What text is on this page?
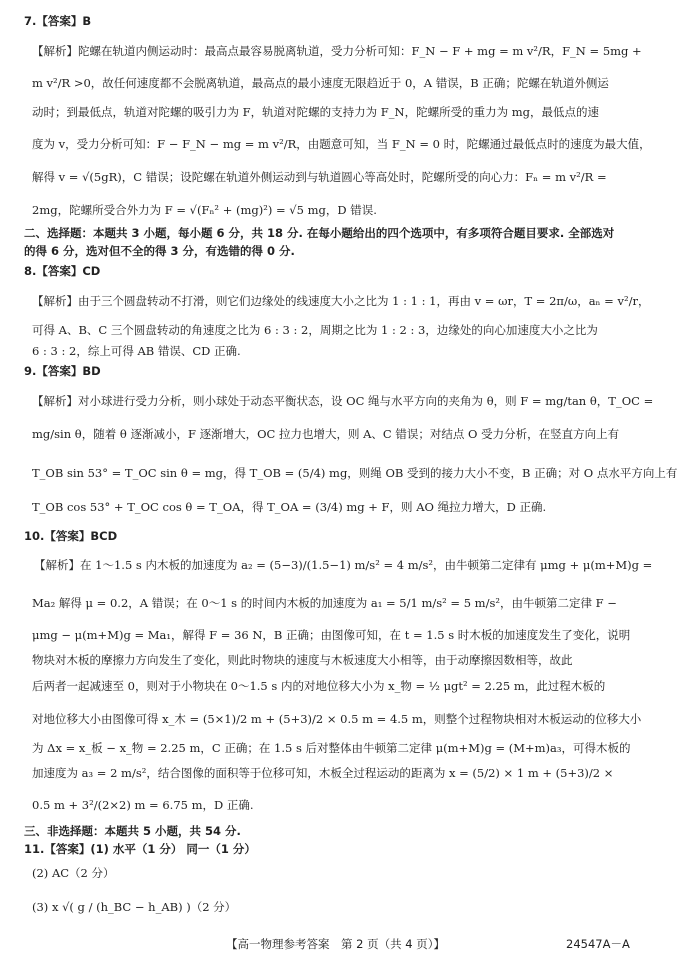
7.【答案】B
【解析】陀螺在轨道内侧运动时：最高点最容易脱离轨道，受力分析可知：F_N − F + mg = m v²/R，F_N = 5mg +
m v²/R >0，故任何速度都不会脱离轨道，最高点的最小速度无限趋近于 0，A 错误，B 正确；陀螺在轨道外侧运
动时；到最低点，轨道对陀螺的吸引力为 F，轨道对陀螺的支持力为 F_N，陀螺所受的重力为 mg，最低点的速
度为 v，受力分析可知：F − F_N − mg = m v²/R，由题意可知，当 F_N = 0 时，陀螺通过最低点时的速度为最大值，
解得 v = √(5gR)，C 错误；设陀螺在轨道外侧运动到与轨道圆心等高处时，陀螺所受的向心力：Fₙ = m v²/R =
2mg，陀螺所受合外力为 F = √(Fₙ² + (mg)²) = √5 mg，D 错误.
二、选择题：本题共 3 小题，每小题 6 分，共 18 分. 在每小题给出的四个选项中，有多项符合题目要求. 全部选对
的得 6 分，选对但不全的得 3 分，有选错的得 0 分.
8.【答案】CD
【解析】由于三个圆盘转动不打滑，则它们边缘处的线速度大小之比为 1 : 1 : 1，再由 v = ωr，T = 2π/ω，aₙ = v²/r，
可得 A、B、C 三个圆盘转动的角速度之比为 6 : 3 : 2，周期之比为 1 : 2 : 3，边缘处的向心加速度大小之比为
6 : 3 : 2，综上可得 AB 错误、CD 正确.
9.【答案】BD
【解析】对小球进行受力分析，则小球处于动态平衡状态，设 OC 绳与水平方向的夹角为 θ，则 F = mg/tan θ，T_OC =
mg/sin θ，随着 θ 逐渐减小，F 逐渐增大，OC 拉力也增大，则 A、C 错误；对结点 O 受力分析，在竖直方向上有
T_OB sin 53° = T_OC sin θ = mg，得 T_OB = (5/4) mg，则绳 OB 受到的接力大小不变，B 正确；对 O 点水平方向上有
T_OB cos 53° + T_OC cos θ = T_OA，得 T_OA = (3/4) mg + F，则 AO 绳拉力增大，D 正确.
10.【答案】BCD
【解析】在 1～1.5 s 内木板的加速度为 a₂ = (5−3)/(1.5−1) m/s² = 4 m/s²，由牛顿第二定律有 μmg + μ(m+M)g =
Ma₂ 解得 μ = 0.2，A 错误；在 0～1 s 的时间内木板的加速度为 a₁ = 5/1 m/s² = 5 m/s²，由牛顿第二定律 F −
μmg − μ(m+M)g = Ma₁，解得 F = 36 N，B 正确；由图像可知，在 t = 1.5 s 时木板的加速度发生了变化，说明
物块对木板的摩擦力方向发生了变化，则此时物块的速度与木板速度大小相等，由于动摩擦因数相等，故此
后两者一起减速至 0，则对于小物块在 0～1.5 s 内的对地位移大小为 x_物 = ½ μgt² = 2.25 m，此过程木板的
对地位移大小由图像可得 x_木 = (5×1)/2 m + (5+3)/2 × 0.5 m = 4.5 m，则整个过程物块相对木板运动的位移大小
为 Δx = x_板 − x_物 = 2.25 m，C 正确；在 1.5 s 后对整体由牛顿第二定律 μ(m+M)g = (M+m)a₃，可得木板的
加速度为 a₃ = 2 m/s²，结合图像的面积等于位移可知，木板全过程运动的距离为 x = (5/2) × 1 m + (5+3)/2 ×
0.5 m + 3²/(2×2) m = 6.75 m，D 正确.
三、非选择题：本题共 5 小题，共 54 分.
11.【答案】(1) 水平（1 分） 同一（1 分）
(2) AC（2 分）
(3) x √( g / (h_BC − h_AB) )（2 分）
【高一物理参考答案　第 2 页（共 4 页）】	24547A－A
